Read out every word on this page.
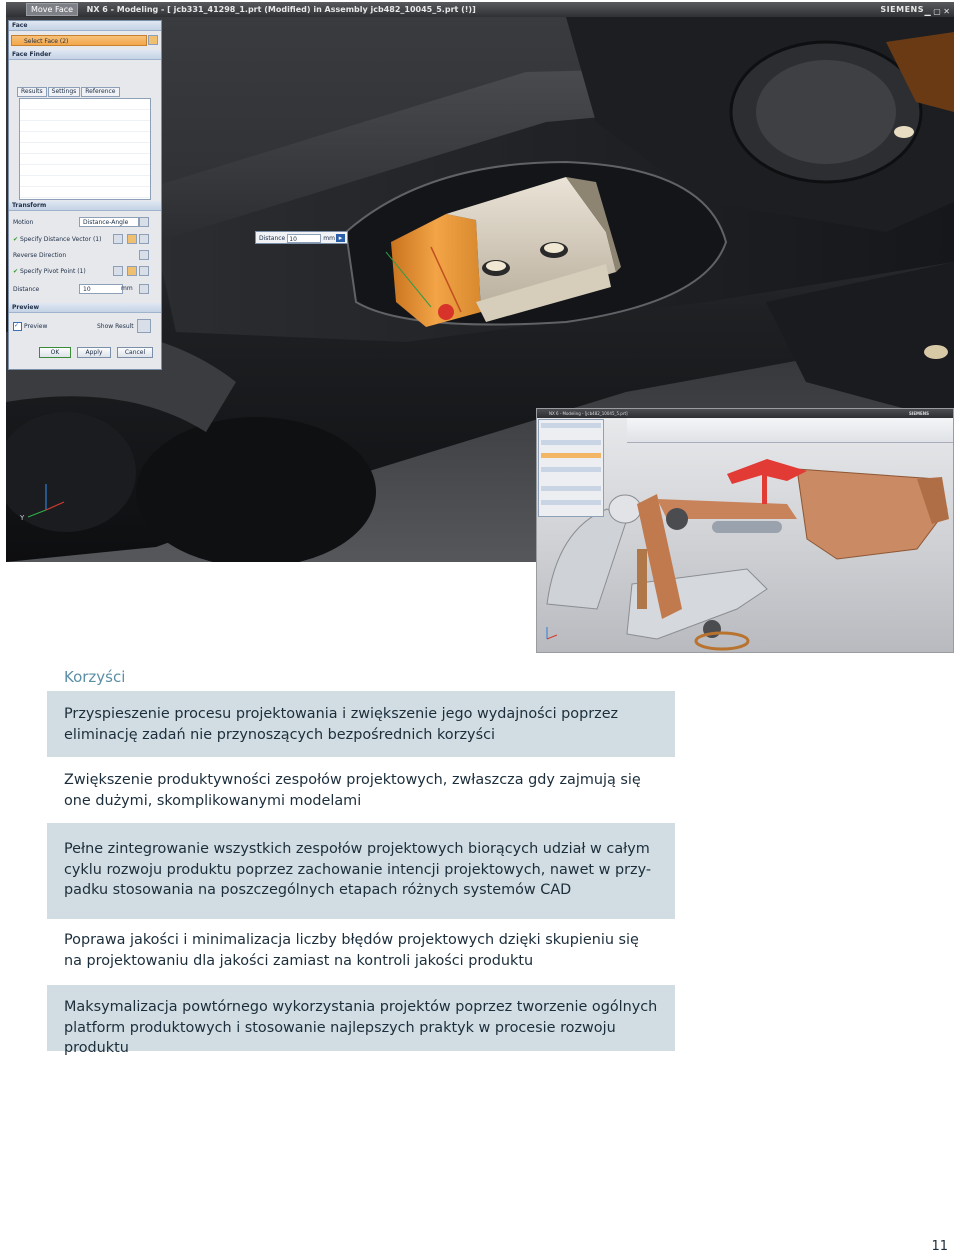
Y
Move Face NX 6 - Modeling - [ jcb331_41298_1.prt (Modified) in Assembly jcb482_10045_5.prt (!)]	SIEMENS ▁ ▢ ✕
Face
Select Face (2)
Face Finder
Results Settings Reference
Transform
Motion	Distance-Angle
✔ Specify Distance Vector (1)
Reverse Direction
✔ Specify Pivot Point (1)
Distance	10	mm
Preview
✓ Preview	Show Result
OK	Apply	Cancel
Distance 10	mm ▸
NX 6 - Modeling - [jcb482_10045_5.prt]	SIEMENS
Korzyści
Przyspieszenie procesu projektowania i zwiększenie jego wydajności poprzez eliminację zadań nie przynoszących bezpośrednich korzyści
Zwiększenie produktywności zespołów projektowych, zwłaszcza gdy zajmują się one dużymi, skomplikowanymi modelami
Pełne zintegrowanie wszystkich zespołów projektowych biorących udział w całym cyklu rozwoju produktu poprzez zachowanie intencji projektowych, nawet w przy-padku stosowania na poszczególnych etapach różnych systemów CAD
Poprawa jakości i minimalizacja liczby błędów projektowych dzięki skupieniu się na projektowaniu dla jakości zamiast na kontroli jakości produktu
Maksymalizacja powtórnego wykorzystania projektów poprzez tworzenie ogólnych platform produktowych i stosowanie najlepszych praktyk w procesie rozwoju produktu
11
